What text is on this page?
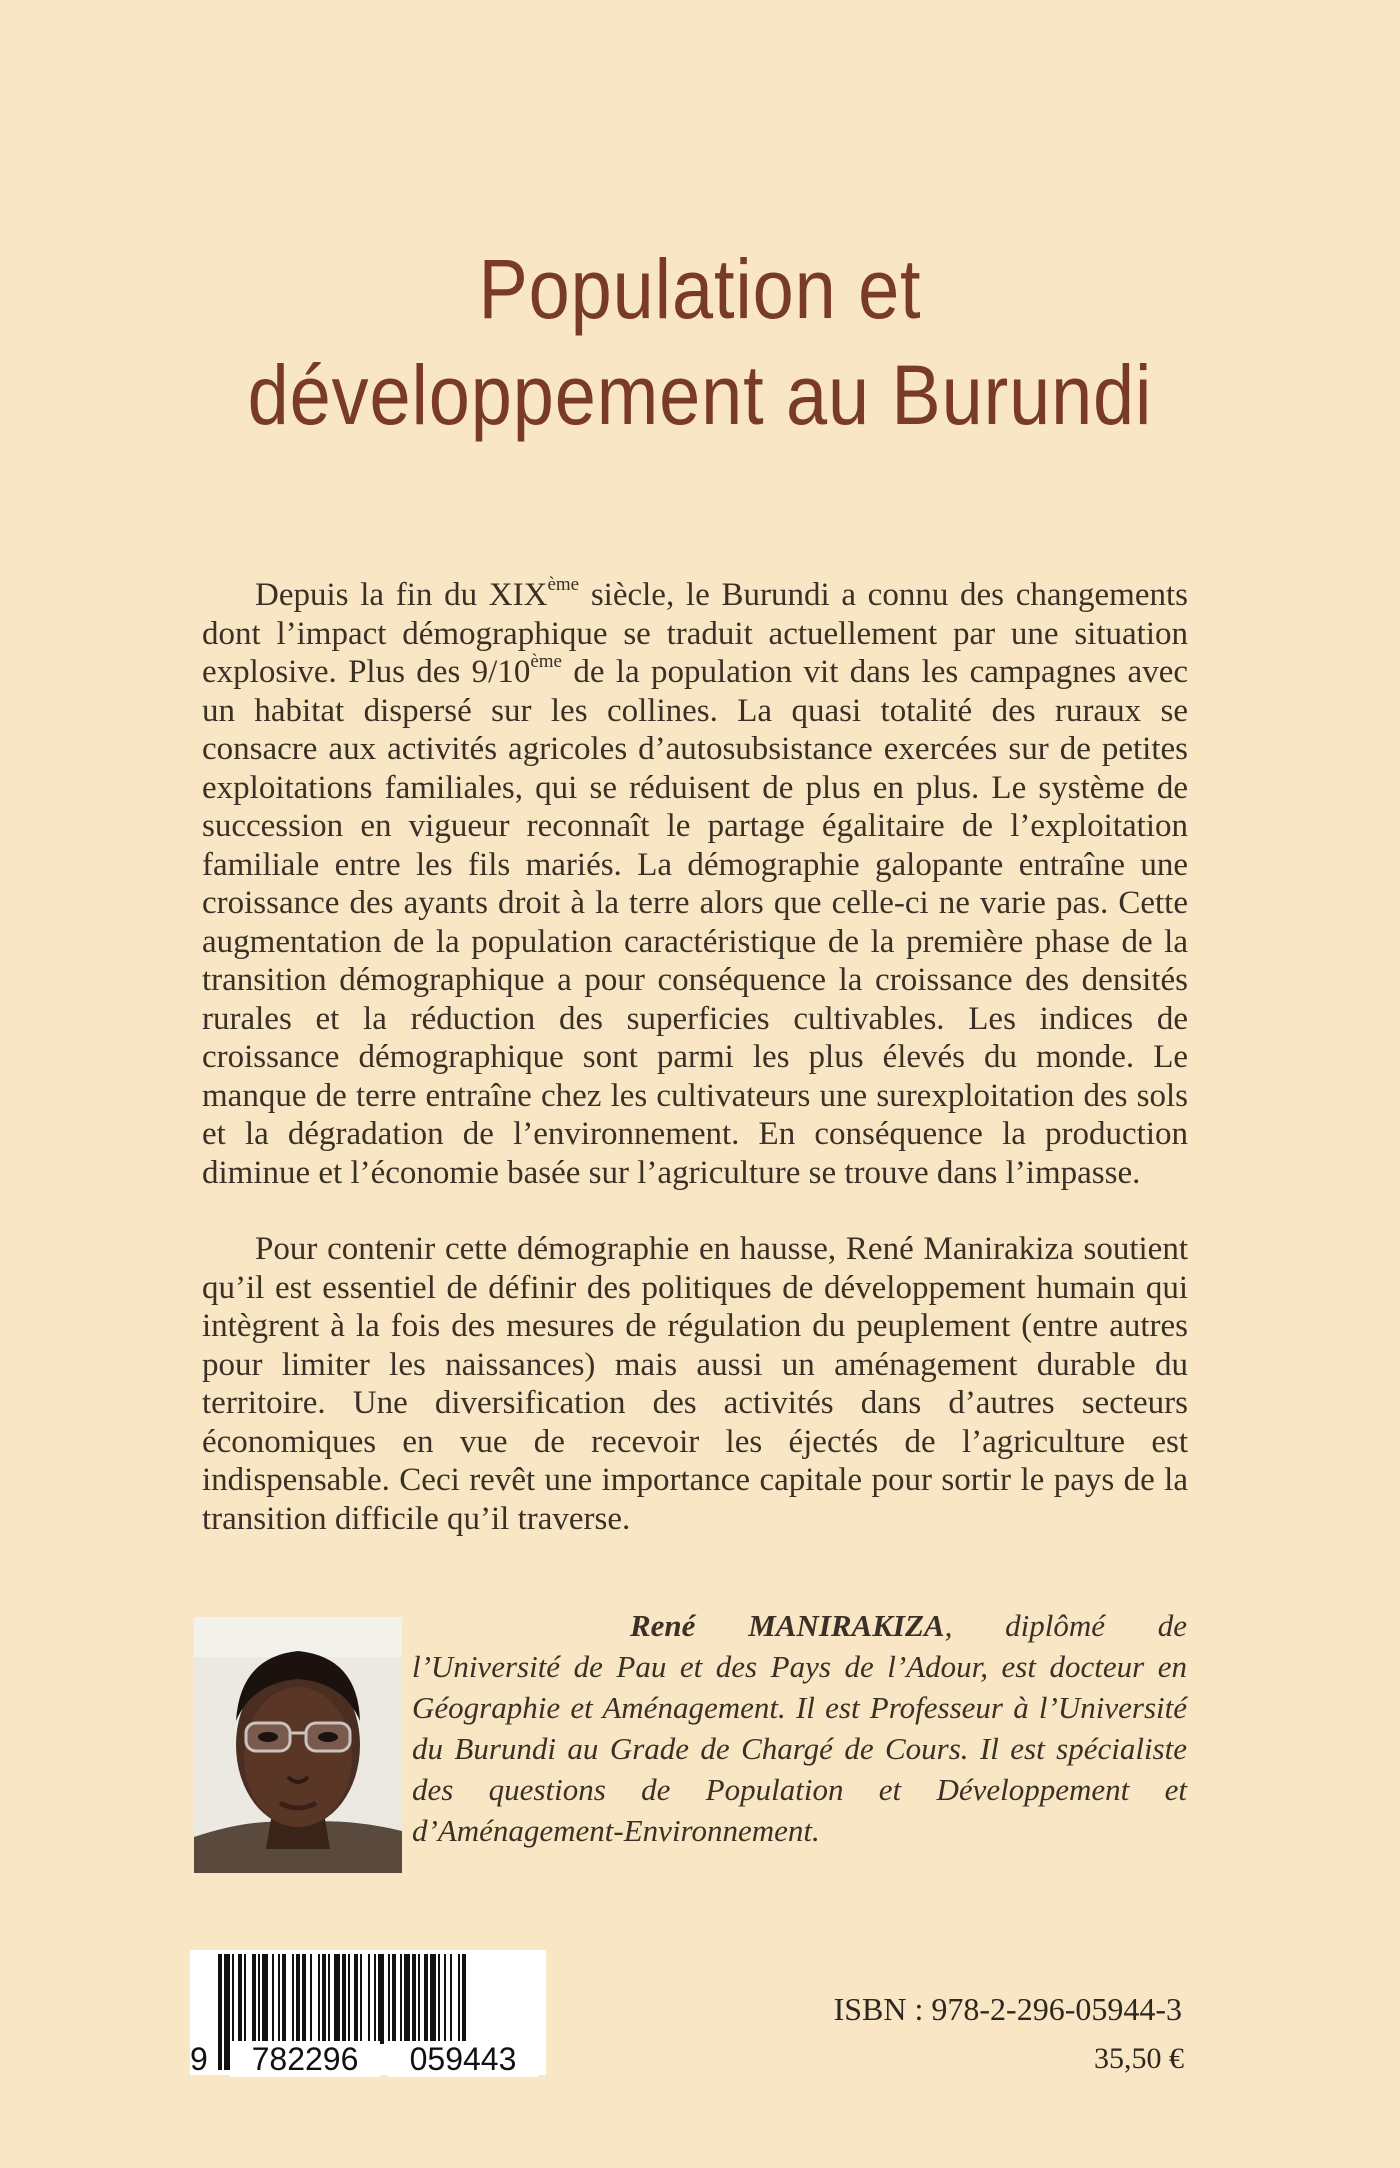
Population et
développement au Burundi

Depuis la fin du XIXème siècle, le Burundi a connu des changements dont l’impact démographique se traduit actuellement par une situation explosive. Plus des 9/10ème de la population vit dans les campagnes avec un habitat dispersé sur les collines. La quasi totalité des ruraux se consacre aux activités agricoles d’autosubsistance exercées sur de petites exploitations familiales, qui se réduisent de plus en plus. Le système de succession en vigueur reconnaît le partage égalitaire de l’exploitation familiale entre les fils mariés. La démographie galopante entraîne une croissance des ayants droit à la terre alors que celle-ci ne varie pas. Cette augmentation de la population caractéristique de la première phase de la transition démographique a pour conséquence la croissance des densités rurales et la réduction des superficies cultivables. Les indices de croissance démographique sont parmi les plus élevés du monde. Le manque de terre entraîne chez les cultivateurs une surexploitation des sols et la dégradation de l’environnement. En conséquence la production diminue et l’économie basée sur l’agriculture se trouve dans l’impasse.

Pour contenir cette démographie en hausse, René Manirakiza soutient qu’il est essentiel de définir des politiques de développement humain qui intègrent à la fois des mesures de régulation du peuplement (entre autres pour limiter les naissances) mais aussi un aménagement durable du territoire. Une diversification des activités dans d’autres secteurs économiques en vue de recevoir les éjectés de l’agriculture est indispensable. Ceci revêt une importance capitale pour sortir le pays de la transition difficile qu’il traverse.

René MANIRAKIZA, diplômé de l’Université de Pau et des Pays de l’Adour, est docteur en Géographie et Aménagement. Il est Professeur à l’Université du Burundi au Grade de Chargé de Cours. Il est spécialiste des questions de Population et Développement et d’Aménagement-Environnement.
9	782296	059443
ISBN : 978-2-296-05944-3
35,50 €
